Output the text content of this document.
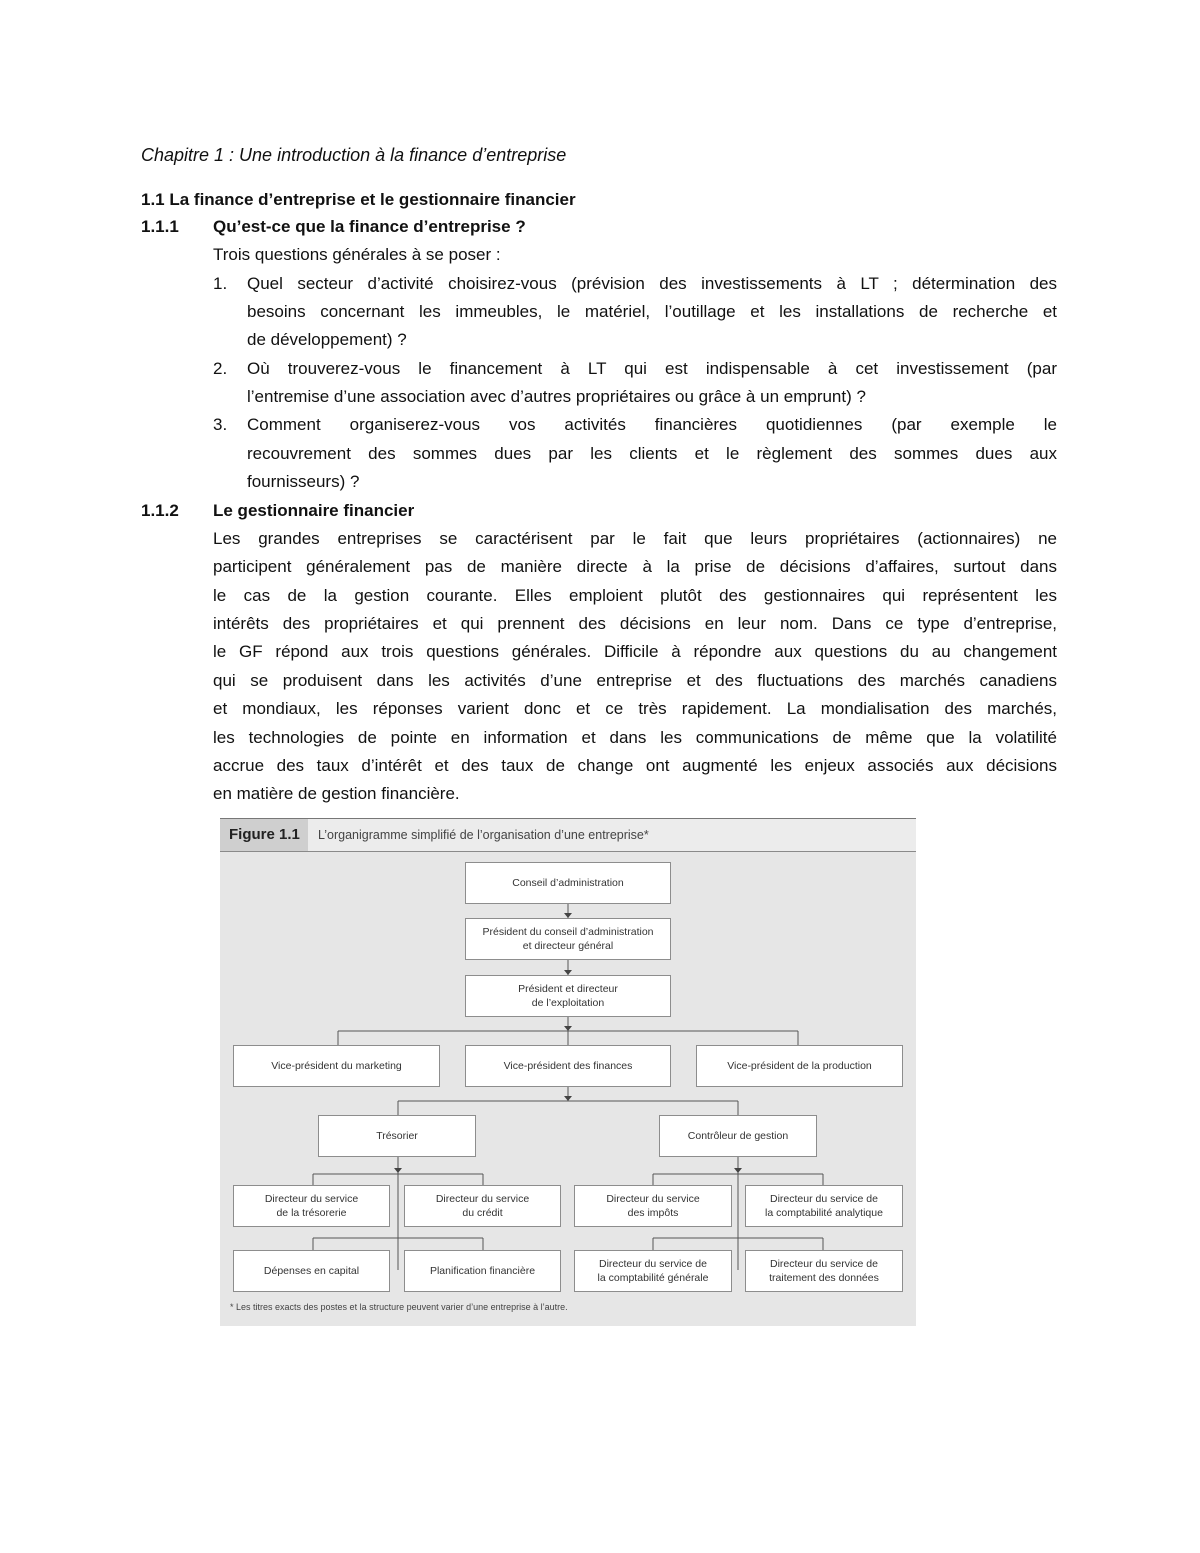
Chapitre 1 : Une introduction à la finance d’entreprise
1.1 La finance d’entreprise et le gestionnaire financier
1.1.1 Qu’est-ce que la finance d’entreprise ?
Trois questions générales à se poser :
1.	Quel secteur d’activité choisirez-vous (prévision des investissements à LT ; détermination des
besoins concernant les immeubles, le matériel, l’outillage et les installations de recherche et
de développement) ?
2.	Où trouverez-vous le financement à LT qui est indispensable à cet investissement (par
l’entremise d’une association avec d’autres propriétaires ou grâce à un emprunt) ?
3.	Comment organiserez-vous vos activités financières quotidiennes (par exemple le
recouvrement des sommes dues par les clients et le règlement des sommes dues aux
fournisseurs) ?
1.1.2 Le gestionnaire financier
Les grandes entreprises se caractérisent par le fait que leurs propriétaires (actionnaires) ne
participent généralement pas de manière directe à la prise de décisions d’affaires, surtout dans
le cas de la gestion courante. Elles emploient plutôt des gestionnaires qui représentent les
intérêts des propriétaires et qui prennent des décisions en leur nom. Dans ce type d’entreprise,
le GF répond aux trois questions générales. Difficile à répondre aux questions du au changement
qui se produisent dans les activités d’une entreprise et des fluctuations des marchés canadiens
et mondiaux, les réponses varient donc et ce très rapidement. La mondialisation des marchés,
les technologies de pointe en information et dans les communications de même que la volatilité
accrue des taux d’intérêt et des taux de change ont augmenté les enjeux associés aux décisions
en matière de gestion financière.
Figure 1.1	L’organigramme simplifié de l’organisation d’une entreprise*
Conseil d’administration
Président du conseil d’administration
et directeur général
Président et directeur
de l’exploitation
Vice-président du marketing	Vice-président des finances	Vice-président de la production
Trésorier	Contrôleur de gestion
Directeur du service
de la trésorerie
Directeur du service
du crédit
Directeur du service
des impôts
Directeur du service de
la comptabilité analytique
Dépenses en capital	Planification financière
Directeur du service de
la comptabilité générale
Directeur du service de
traitement des données
* Les titres exacts des postes et la structure peuvent varier d’une entreprise à l’autre.
